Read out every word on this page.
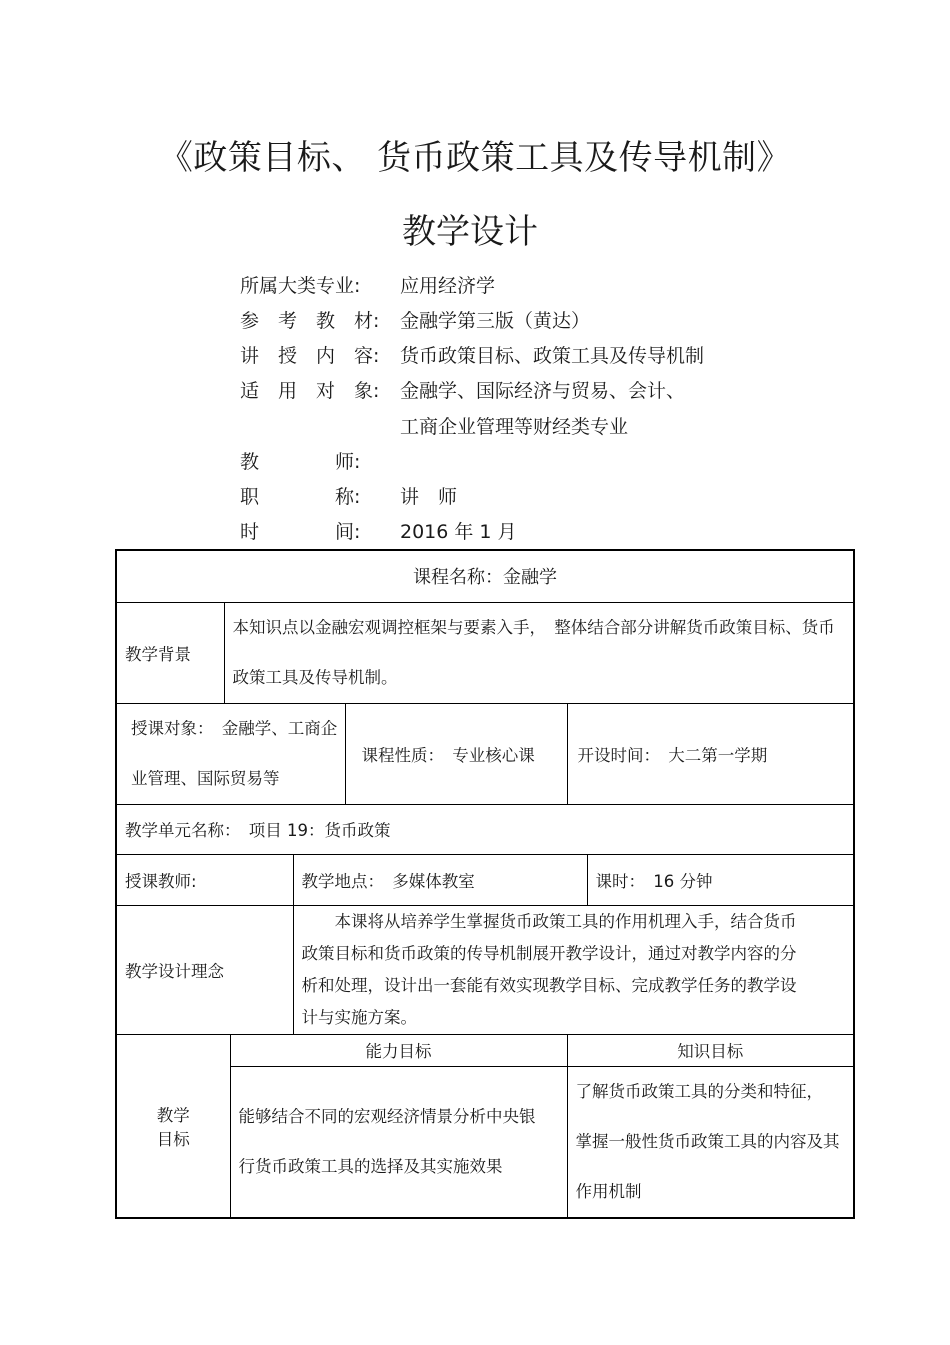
《政策目标、 货币政策工具及传导机制》
教学设计
所属大类专业: 应用经济学
参　考　教　材: 金融学第三版（黄达）
讲　授　内　容: 货币政策目标、政策工具及传导机制
适　用　对　象: 金融学、国际经济与贸易、会计、
工商企业管理等财经类专业
教　　　　师:
职　　　　称: 讲　师
时　　　　间: 2016 年 1 月
课程名称：金融学						
教学背景	本知识点以金融宏观调控框架与要素入手，　整体结合部分讲解货币政策目标、货币政策工具及传导机制。					
授课对象：　金融学、工商企业管理、国际贸易等				课程性质：　专业核心课	开设时间：　大二第一学期	
教学单元名称：　项目 19：货币政策						
授课教师:			教学地点：　多媒体教室			课时：　16 分钟
教学设计理念			　　本课将从培养学生掌握货币政策工具的作用机理入手，结合货币政策目标和货币政策的传导机制展开教学设计，通过对教学内容的分析和处理，设计出一套能有效实现教学目标、完成教学任务的教学设计与实施方案。			

教学
目标		能力目标			知识目标	
		能够结合不同的宏观经济情景分析中央银行货币政策工具的选择及其实施效果			了解货币政策工具的分类和特征，　掌握一般性货币政策工具的内容及其作用机制	
